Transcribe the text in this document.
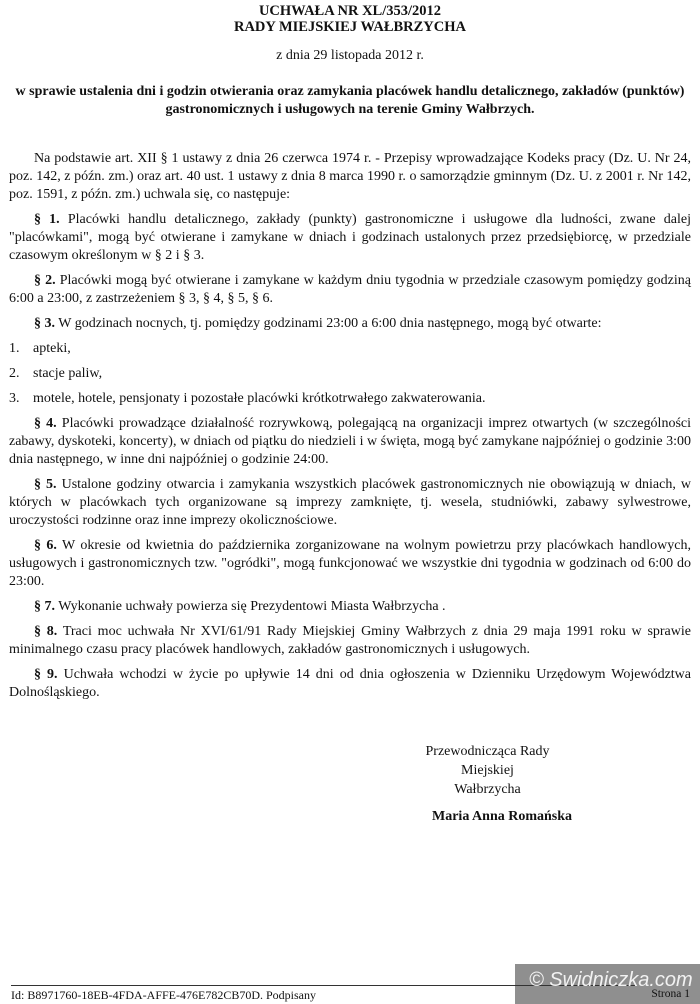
UCHWAŁA NR XL/353/2012
RADY MIEJSKIEJ WAŁBRZYCHA
z dnia 29 listopada 2012 r.
w sprawie ustalenia dni i godzin otwierania oraz zamykania placówek handlu detalicznego, zakładów (punktów) gastronomicznych i usługowych na terenie Gminy Wałbrzych.

Na podstawie art. XII § 1 ustawy z dnia 26 czerwca 1974 r. - Przepisy wprowadzające Kodeks pracy (Dz. U. Nr 24, poz. 142, z późn. zm.) oraz art. 40 ust. 1 ustawy z dnia 8 marca 1990 r. o samorządzie gminnym (Dz. U. z 2001 r. Nr 142, poz. 1591, z późn. zm.) uchwala się, co następuje:

§ 1. Placówki handlu detalicznego, zakłady (punkty) gastronomiczne i usługowe dla ludności, zwane dalej "placówkami", mogą być otwierane i zamykane w dniach i godzinach ustalonych przez przedsiębiorcę, w przedziale czasowym określonym w § 2 i § 3.

§ 2. Placówki mogą być otwierane i zamykane w każdym dniu tygodnia w przedziale czasowym pomiędzy godziną 6:00 a 23:00, z zastrzeżeniem § 3, § 4, § 5, § 6.

§ 3. W godzinach nocnych, tj. pomiędzy godzinami 23:00 a 6:00 dnia następnego, mogą być otwarte:

1. apteki,
2. stacje paliw,
3. motele, hotele, pensjonaty i pozostałe placówki krótkotrwałego zakwaterowania.

§ 4. Placówki prowadzące działalność rozrywkową, polegającą na organizacji imprez otwartych (w szczególności zabawy, dyskoteki, koncerty), w dniach od piątku do niedzieli i w święta, mogą być zamykane najpóźniej o godzinie 3:00 dnia następnego, w inne dni najpóźniej o godzinie 24:00.

§ 5. Ustalone godziny otwarcia i zamykania wszystkich placówek gastronomicznych nie obowiązują w dniach, w których w placówkach tych organizowane są imprezy zamknięte, tj. wesela, studniówki, zabawy sylwestrowe, uroczystości rodzinne oraz inne imprezy okolicznościowe.

§ 6. W okresie od kwietnia do października zorganizowane na wolnym powietrzu przy placówkach handlowych, usługowych i gastronomicznych tzw. "ogródki", mogą funkcjonować we wszystkie dni tygodnia w godzinach od 6:00 do 23:00.

§ 7. Wykonanie uchwały powierza się Prezydentowi Miasta Wałbrzycha .

§ 8. Traci moc uchwała Nr XVI/61/91 Rady Miejskiej Gminy Wałbrzych z dnia 29 maja 1991 roku w sprawie minimalnego czasu pracy placówek handlowych, zakładów gastronomicznych i usługowych.

§ 9. Uchwała wchodzi w życie po upływie 14 dni od dnia ogłoszenia w Dzienniku Urzędowym Województwa Dolnośląskiego.

Przewodnicząca Rady Miejskiej
Wałbrzycha
Maria Anna Romańska
Id: B8971760-18EB-4FDA-AFFE-476E782CB70D. Podpisany
© Swidniczka.com
Strona 1
